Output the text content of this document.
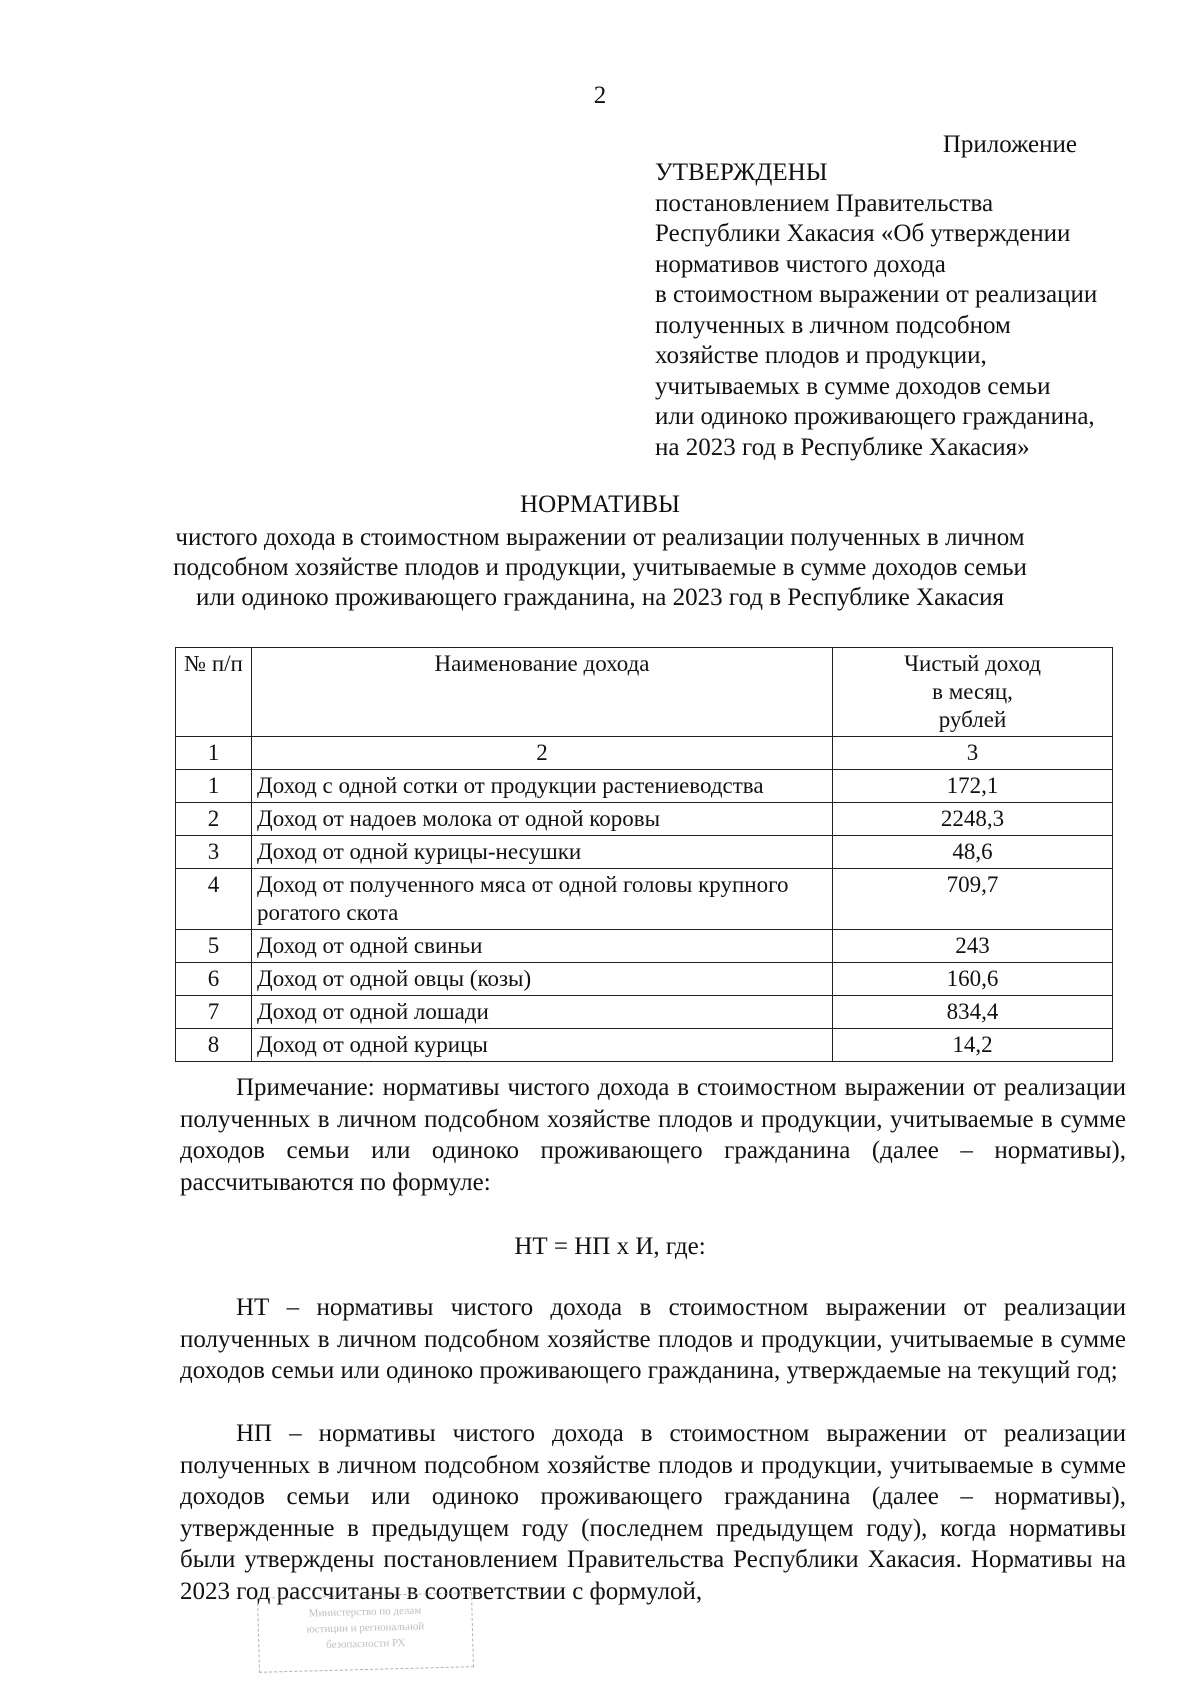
2
Приложение
УТВЕРЖДЕНЫ
постановлением Правительства
Республики Хакасия «Об утверждении
нормативов чистого дохода
в стоимостном выражении от реализации
полученных в личном подсобном
хозяйстве плодов и продукции,
учитываемых в сумме доходов семьи
или одиноко проживающего гражданина,
на 2023 год в Республике Хакасия»
НОРМАТИВЫ
чистого дохода в стоимостном выражении от реализации полученных в личном
подсобном хозяйстве плодов и продукции, учитываемые в сумме доходов семьи
или одиноко проживающего гражданина, на 2023 год в Республике Хакасия
№ п/п	Наименование дохода	Чистый доход в месяц, рублей
1	2	3
1	Доход с одной сотки от продукции растениеводства	172,1
2	Доход от надоев молока от одной коровы	2248,3
3	Доход от одной курицы-несушки	48,6
4	Доход от полученного мяса от одной головы крупного рогатого скота	709,7
5	Доход от одной свиньи	243
6	Доход от одной овцы (козы)	160,6
7	Доход от одной лошади	834,4
8	Доход от одной курицы	14,2
Примечание: нормативы чистого дохода в стоимостном выражении от реализации полученных в личном подсобном хозяйстве плодов и продукции, учитываемые в сумме доходов семьи или одиноко проживающего гражданина (далее – нормативы), рассчитываются по формуле:
НТ = НП х И, где:
НТ – нормативы чистого дохода в стоимостном выражении от реализации полученных в личном подсобном хозяйстве плодов и продукции, учитываемые в сумме доходов семьи или одиноко проживающего гражданина, утверждаемые на текущий год;
НП – нормативы чистого дохода в стоимостном выражении от реализации полученных в личном подсобном хозяйстве плодов и продукции, учитываемые в сумме доходов семьи или одиноко проживающего гражданина (далее – нормативы), утвержденные в предыдущем году (последнем предыдущем году), когда нормативы были утверждены постановлением Правительства Республики Хакасия. Нормативы на 2023 год рассчитаны в соответствии с формулой,
Министерство по делам
юстиции и региональной
безопасности РХ
